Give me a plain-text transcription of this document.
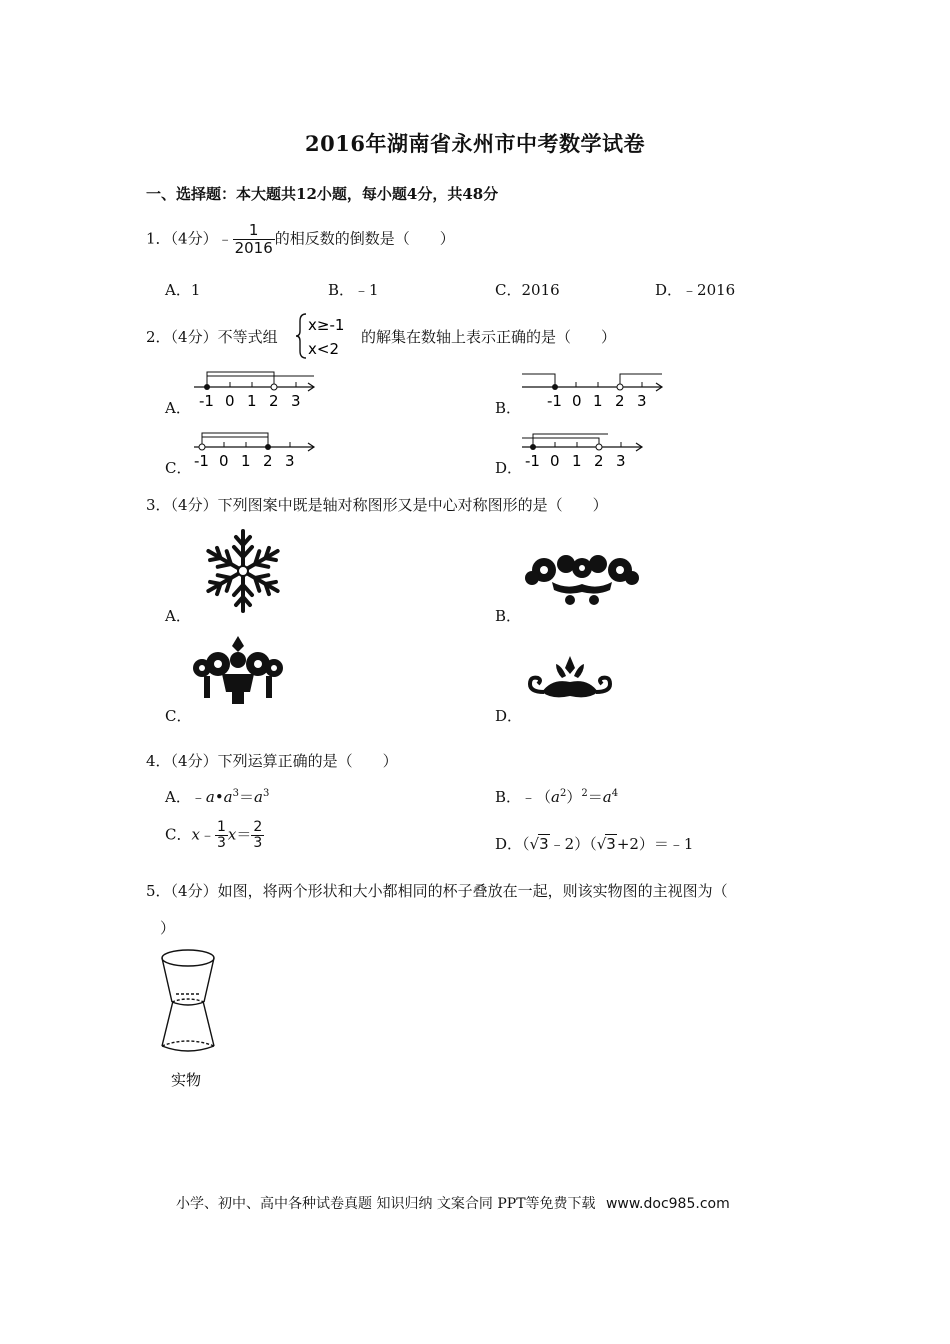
2016年湖南省永州市中考数学试卷
一、选择题：本大题共12小题，每小题4分，共48分
1．（4分）﹣ $\frac{1}{2016}$ 的相反数的倒数是（　　）
A．1	B．﹣1	C．2016	D．﹣2016
2．（4分）不等式组
x≥-1
x<2
的解集在数轴上表示正确的是（　　）
A．	B．
C．	D．
-1 0 1 2 3	-1 0 1 2 3
-1 0 1 2 3	-1 0 1 2 3
3．（4分）下列图案中既是轴对称图形又是中心对称图形的是（　　）
A．	B．
C．	D．
4．（4分）下列运算正确的是（　　）
A．$﹣a•a^3=a^3$	B．$﹣(a^2)^2=a^4$
C．x﹣ $\frac{1}{3} x= \frac{2}{3}$	D．（√3﹣2）（√3+2）＝﹣1
5．（4分）如图，将两个形状和大小都相同的杯子叠放在一起，则该实物图的主视图为（
）
实物
小学、初中、高中各种试卷真题 知识归纳 文案合同 PPT等免费下载 www.doc985.com
